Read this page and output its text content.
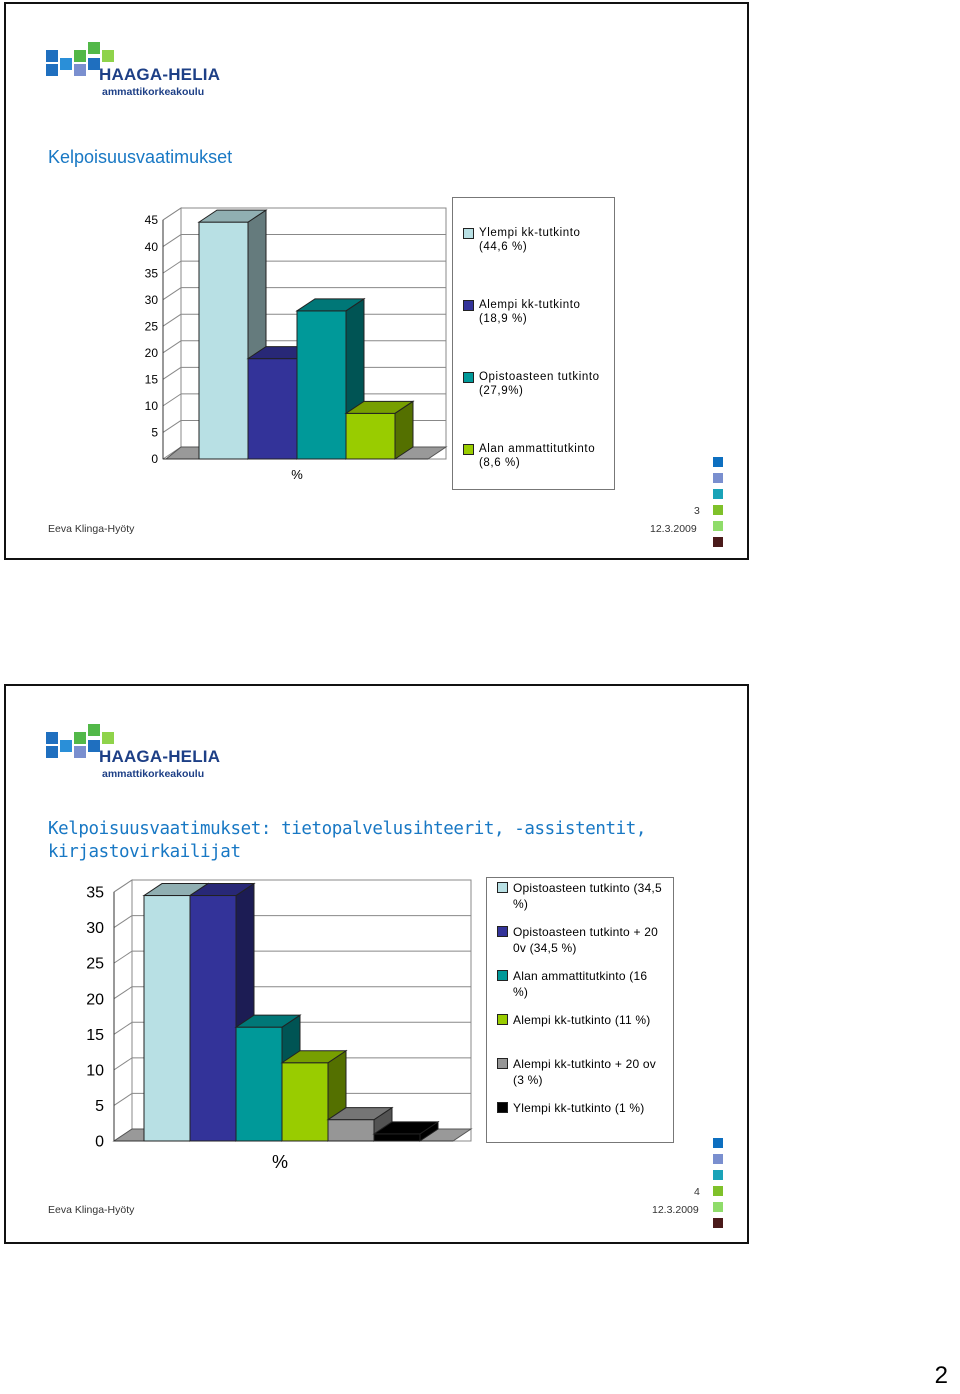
HAAGA-HELIA
ammattikorkeakoulu
Kelpoisuusvaatimukset
0
5
10
15
20
25
30
35
40
45
%
Ylempi kk-tutkinto
(44,6 %)
Alempi kk-tutkinto
(18,9 %)
Opistoasteen tutkinto
(27,9%)
Alan ammattitutkinto
(8,6 %)
3
Eeva Klinga-Hyöty	12.3.2009
HAAGA-HELIA
ammattikorkeakoulu
Kelpoisuusvaatimukset: tietopalvelusihteerit, -assistentit,
kirjastovirkailijat
0
5
10
15
20
25
30
35
%
Opistoasteen tutkinto (34,5
%)
Opistoasteen tutkinto + 20
0v (34,5 %)
Alan ammattitutkinto (16
%)
Alempi kk-tutkinto (11 %)
Alempi kk-tutkinto + 20 ov
(3 %)
Ylempi kk-tutkinto (1 %)
4
Eeva Klinga-Hyöty	12.3.2009
2
